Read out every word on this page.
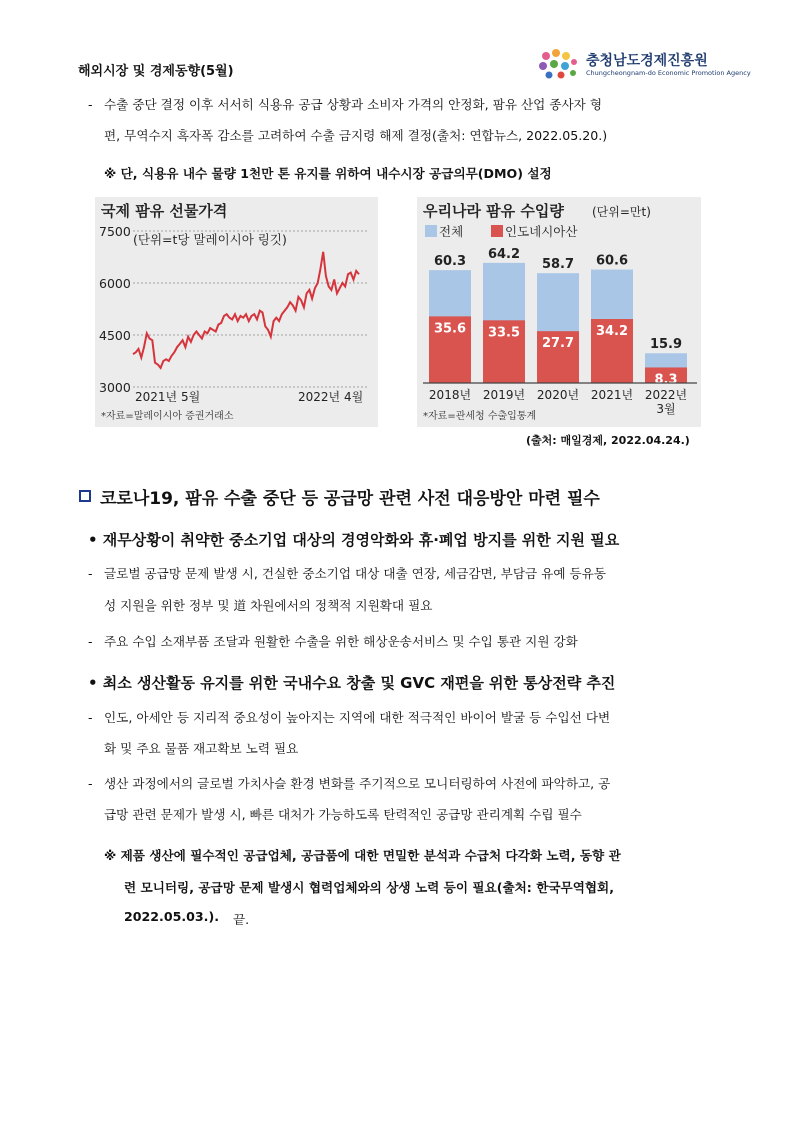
해외시장 및 경제동향(5월)
충청남도경제진흥원
Chungcheongnam-do Economic Promotion Agency
- 수출 중단 결정 이후 서서히 식용유 공급 상황과 소비자 가격의 안정화, 팜유 산업 종사자 형
편, 무역수지 흑자폭 감소를 고려하여 수출 금지령 해제 결정(출처: 연합뉴스, 2022.05.20.)
※ 단, 식용유 내수 물량 1천만 톤 유지를 위하여 내수시장 공급의무(DMO) 설정
국제 팜유 선물가격
(단위=t당 말레이시아 링깃)
7500
6000
4500
3000
2021년 5월	2022년 4월
*자료=말레이시아 증권거래소
우리나라 팜유 수입량 (단위=만t)
전체	인도네시아산
60.3
35.6
2018년
64.2
33.5
2019년
58.7
27.7
2020년
60.6
34.2
2021년
15.9
8.3
2022년
3월
*자료=관세청 수출입통계
(출처: 매일경제, 2022.04.24.)
코로나19, 팜유 수출 중단 등 공급망 관련 사전 대응방안 마련 필수
• 재무상황이 취약한 중소기업 대상의 경영악화와 휴·폐업 방지를 위한 지원 필요
- 글로벌 공급망 문제 발생 시, 건실한 중소기업 대상 대출 연장, 세금감면, 부담금 유예 등유동
성 지원을 위한 정부 및 道 차원에서의 정책적 지원확대 필요
- 주요 수입 소재부품 조달과 원활한 수출을 위한 해상운송서비스 및 수입 통관 지원 강화
• 최소 생산활동 유지를 위한 국내수요 창출 및 GVC 재편을 위한 통상전략 추진
- 인도, 아세안 등 지리적 중요성이 높아지는 지역에 대한 적극적인 바이어 발굴 등 수입선 다변
화 및 주요 물품 재고확보 노력 필요
- 생산 과정에서의 글로벌 가치사슬 환경 변화를 주기적으로 모니터링하여 사전에 파악하고, 공
급망 관련 문제가 발생 시, 빠른 대처가 가능하도록 탄력적인 공급망 관리계획 수립 필수
※ 제품 생산에 필수적인 공급업체, 공급품에 대한 면밀한 분석과 수급처 다각화 노력, 동향 관
련 모니터링, 공급망 문제 발생시 협력업체와의 상생 노력 등이 필요(출처: 한국무역협회,
2022.05.03.). 끝.
